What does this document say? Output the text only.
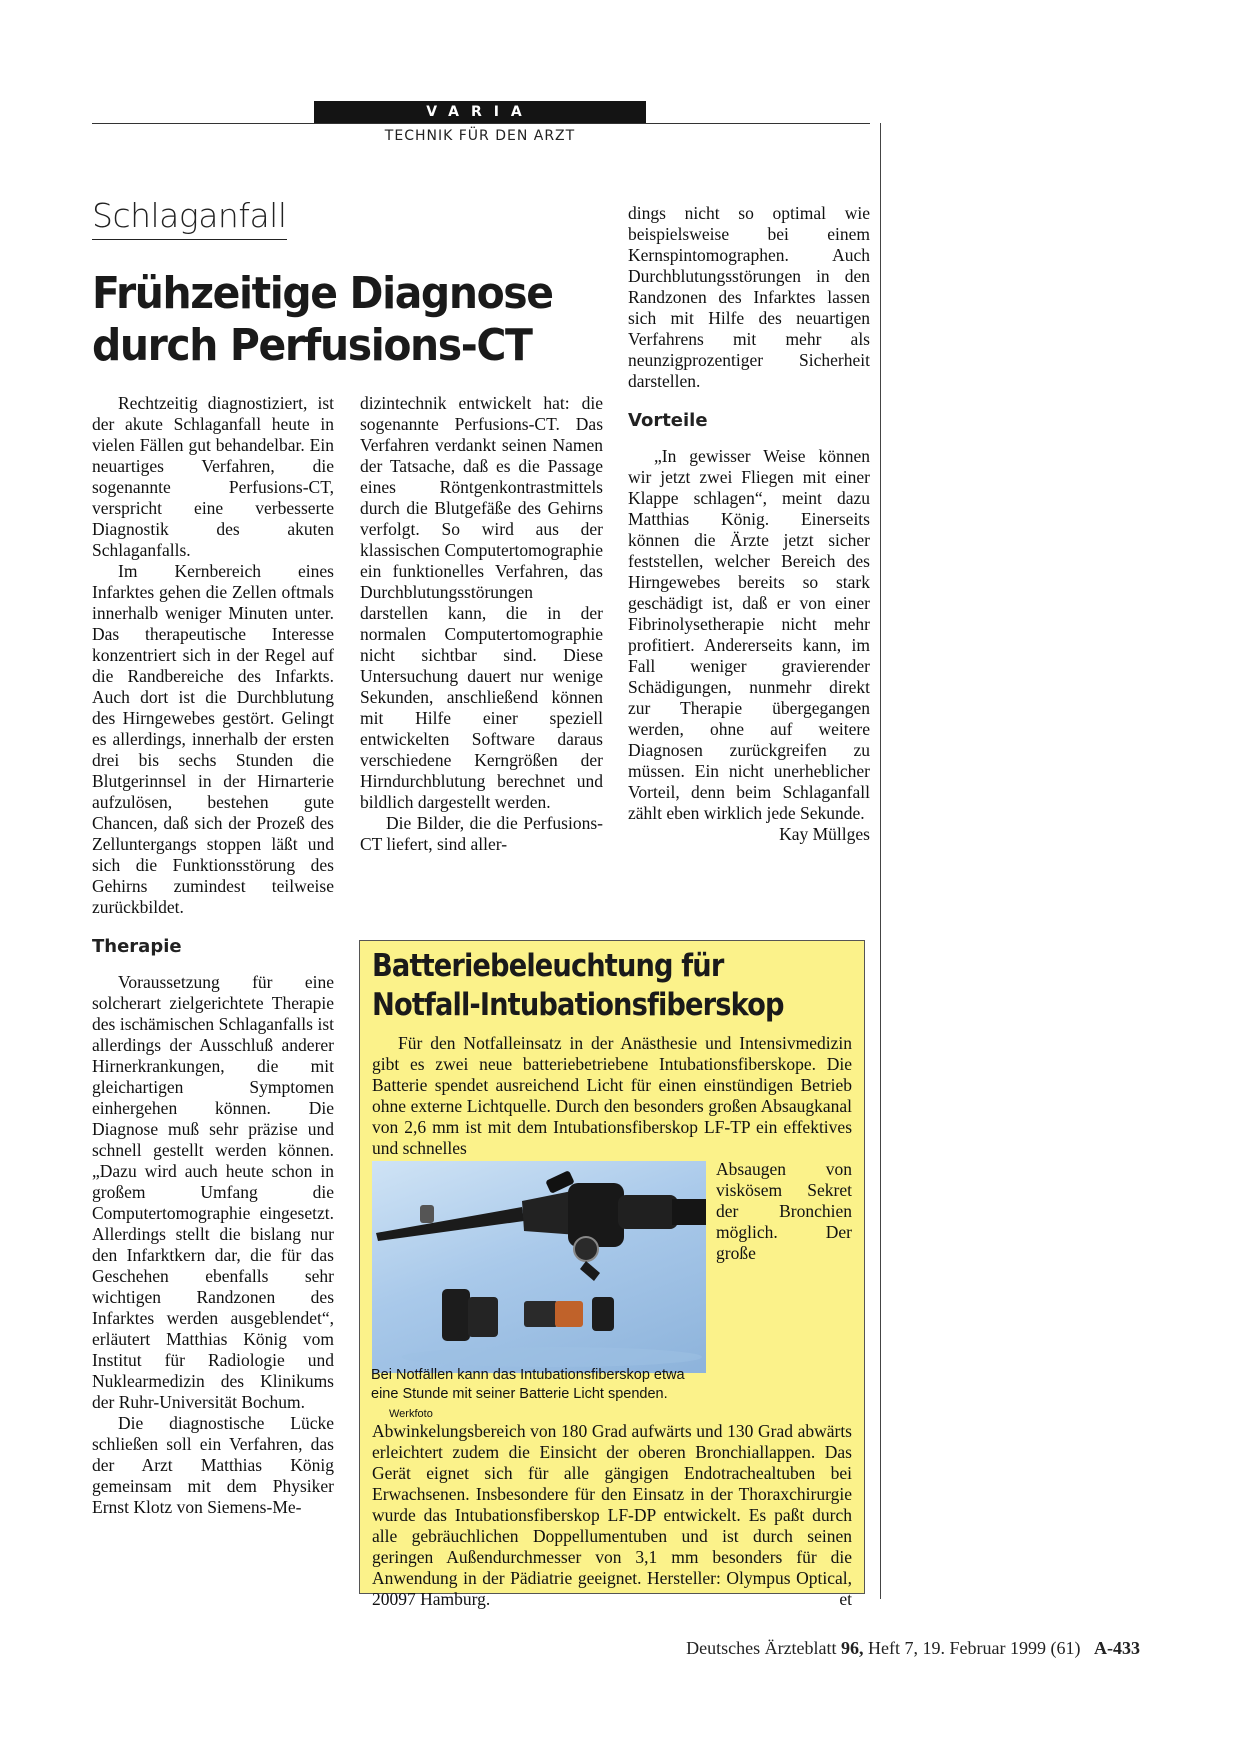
VARIA
TECHNIK FÜR DEN ARZT
Schlaganfall
Frühzeitige Diagnose durch Perfusions-CT

Rechtzeitig diagnostiziert, ist der akute Schlaganfall heute in vielen Fällen gut behandelbar. Ein neuartiges Verfahren, die sogenannte Perfusions-CT, verspricht eine verbesserte Diagnostik des akuten Schlaganfalls.

Im Kernbereich eines Infarktes gehen die Zellen oftmals innerhalb weniger Minuten unter. Das therapeutische Interesse konzentriert sich in der Regel auf die Randbereiche des Infarkts. Auch dort ist die Durchblutung des Hirngewebes gestört. Gelingt es allerdings, innerhalb der ersten drei bis sechs Stunden die Blutgerinnsel in der Hirnarterie aufzulösen, bestehen gute Chancen, daß sich der Prozeß des Zelluntergangs stoppen läßt und sich die Funktionsstörung des Gehirns zumindest teilweise zurückbildet.

Therapie

Voraussetzung für eine solcherart zielgerichtete Therapie des ischämischen Schlaganfalls ist allerdings der Ausschluß anderer Hirnerkrankungen, die mit gleichartigen Symptomen einhergehen können. Die Diagnose muß sehr präzise und schnell gestellt werden können. „Dazu wird auch heute schon in großem Umfang die Computertomographie eingesetzt. Allerdings stellt die bislang nur den Infarktkern dar, die für das Geschehen ebenfalls sehr wichtigen Randzonen des Infarktes werden ausgeblendet“, erläutert Matthias König vom Institut für Radiologie und Nuklearmedizin des Klinikums der Ruhr-Universität Bochum.

Die diagnostische Lücke schließen soll ein Verfahren, das der Arzt Matthias König gemeinsam mit dem Physiker Ernst Klotz von Siemens-Me-

dizintechnik entwickelt hat: die sogenannte Perfusions-CT. Das Verfahren verdankt seinen Namen der Tatsache, daß es die Passage eines Röntgenkontrastmittels durch die Blutgefäße des Gehirns verfolgt. So wird aus der klassischen Computertomographie ein funktionelles Verfahren, das Durchblutungsstörungen darstellen kann, die in der normalen Computertomographie nicht sichtbar sind. Diese Untersuchung dauert nur wenige Sekunden, anschließend können mit Hilfe einer speziell entwickelten Software daraus verschiedene Kerngrößen der Hirndurchblutung berechnet und bildlich dargestellt werden.

Die Bilder, die die Perfusions-CT liefert, sind aller-

dings nicht so optimal wie beispielsweise bei einem Kernspintomographen. Auch Durchblutungsstörungen in den Randzonen des Infarktes lassen sich mit Hilfe des neuartigen Verfahrens mit mehr als neunzigprozentiger Sicherheit darstellen.

Vorteile

„In gewisser Weise können wir jetzt zwei Fliegen mit einer Klappe schlagen“, meint dazu Matthias König. Einerseits können die Ärzte jetzt sicher feststellen, welcher Bereich des Hirngewebes bereits so stark geschädigt ist, daß er von einer Fibrinolysetherapie nicht mehr profitiert. Andererseits kann, im Fall weniger gravierender Schädigungen, nunmehr direkt zur Therapie übergegangen werden, ohne auf weitere Diagnosen zurückgreifen zu müssen. Ein nicht unerheblicher Vorteil, denn beim Schlaganfall zählt eben wirklich jede Sekunde.
Kay Müllges

Batteriebeleuchtung für Notfall-Intubationsfiberskop

Für den Notfalleinsatz in der Anästhesie und Intensivmedizin gibt es zwei neue batteriebetriebene Intubationsfiberskope. Die Batterie spendet ausreichend Licht für einen einstündigen Betrieb ohne externe Lichtquelle. Durch den besonders großen Absaugkanal von 2,6 mm ist mit dem Intubationsfiberskop LF-TP ein effektives und schnelles

Absaugen von viskösem Sekret der Bronchien möglich. Der große Abwinkelungsbereich von 180 Grad aufwärts und 130 Grad abwärts erleichtert zudem die Einsicht der oberen Bronchiallappen. Das Gerät eignet sich für alle gängigen Endotrachealtuben bei Erwachsenen. Insbesondere für den Einsatz in der Thoraxchirurgie wurde das Intubationsfiberskop LF-DP entwickelt. Es paßt durch alle gebräuchlichen Doppellumentuben und ist durch seinen geringen Außendurchmesser von 3,1 mm besonders für die Anwendung in der Pädiatrie geeignet. Hersteller: Olympus Optical, 20097 Hamburg.	et

Bei Notfällen kann das Intubationsfiberskop etwa eine Stunde mit seiner Batterie Licht spenden. Werkfoto
Deutsches Ärzteblatt 96, Heft 7, 19. Februar 1999 (61) A-433
